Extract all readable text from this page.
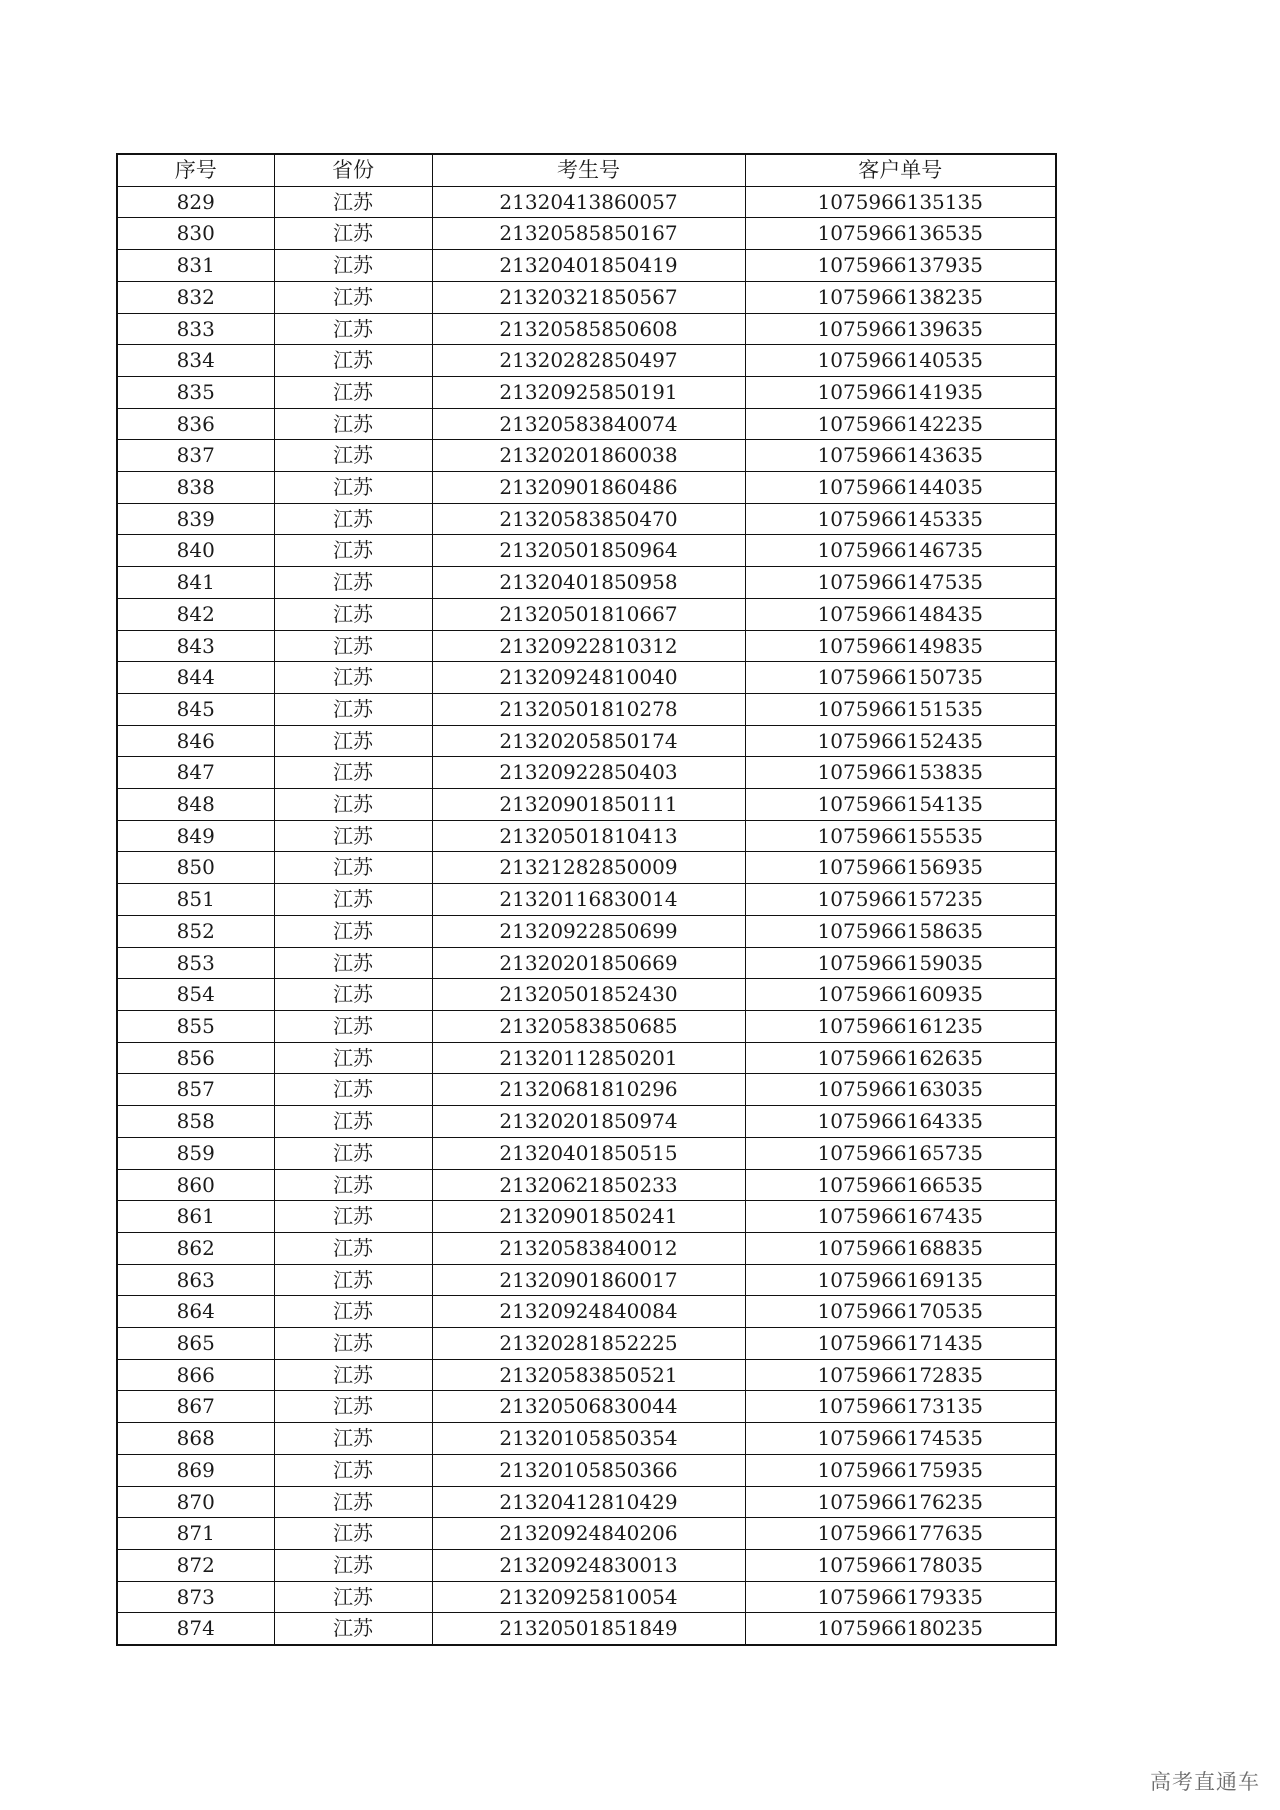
序号	省份	考生号	客户单号
829	江苏	21320413860057	1075966135135
830	江苏	21320585850167	1075966136535
831	江苏	21320401850419	1075966137935
832	江苏	21320321850567	1075966138235
833	江苏	21320585850608	1075966139635
834	江苏	21320282850497	1075966140535
835	江苏	21320925850191	1075966141935
836	江苏	21320583840074	1075966142235
837	江苏	21320201860038	1075966143635
838	江苏	21320901860486	1075966144035
839	江苏	21320583850470	1075966145335
840	江苏	21320501850964	1075966146735
841	江苏	21320401850958	1075966147535
842	江苏	21320501810667	1075966148435
843	江苏	21320922810312	1075966149835
844	江苏	21320924810040	1075966150735
845	江苏	21320501810278	1075966151535
846	江苏	21320205850174	1075966152435
847	江苏	21320922850403	1075966153835
848	江苏	21320901850111	1075966154135
849	江苏	21320501810413	1075966155535
850	江苏	21321282850009	1075966156935
851	江苏	21320116830014	1075966157235
852	江苏	21320922850699	1075966158635
853	江苏	21320201850669	1075966159035
854	江苏	21320501852430	1075966160935
855	江苏	21320583850685	1075966161235
856	江苏	21320112850201	1075966162635
857	江苏	21320681810296	1075966163035
858	江苏	21320201850974	1075966164335
859	江苏	21320401850515	1075966165735
860	江苏	21320621850233	1075966166535
861	江苏	21320901850241	1075966167435
862	江苏	21320583840012	1075966168835
863	江苏	21320901860017	1075966169135
864	江苏	21320924840084	1075966170535
865	江苏	21320281852225	1075966171435
866	江苏	21320583850521	1075966172835
867	江苏	21320506830044	1075966173135
868	江苏	21320105850354	1075966174535
869	江苏	21320105850366	1075966175935
870	江苏	21320412810429	1075966176235
871	江苏	21320924840206	1075966177635
872	江苏	21320924830013	1075966178035
873	江苏	21320925810054	1075966179335
874	江苏	21320501851849	1075966180235
高考直通车
